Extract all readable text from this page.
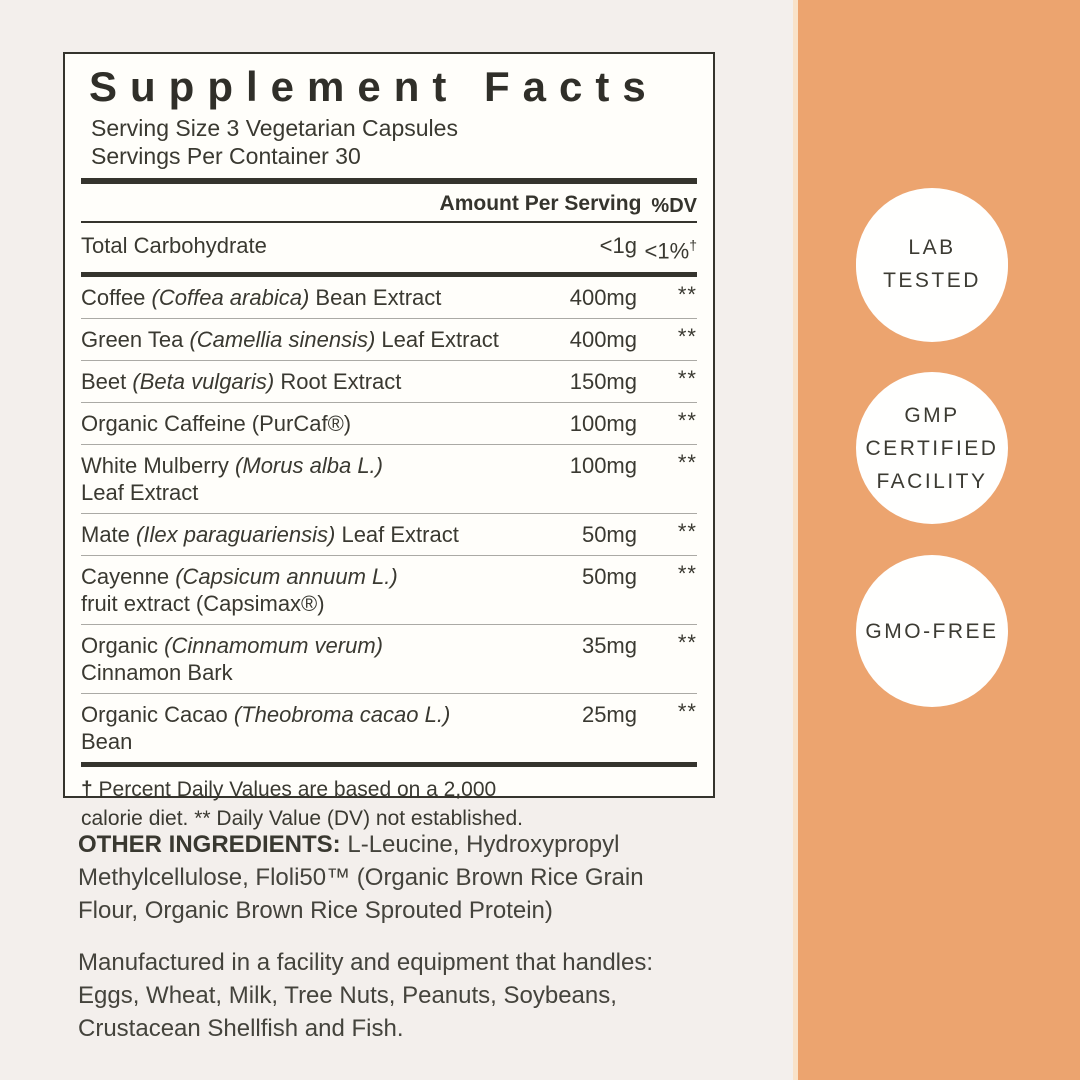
LAB
TESTED
GMP
CERTIFIED
FACILITY
GMO-FREE
Supplement Facts
Serving Size 3 Vegetarian Capsules
Servings Per Container 30
Amount Per Serving %DV
Total Carbohydrate	<1g <1%†
Coffee (Coffea arabica) Bean Extract	400mg	**
Green Tea (Camellia sinensis) Leaf Extract	400mg	**
Beet (Beta vulgaris) Root Extract	150mg	**
Organic Caffeine (PurCaf®)	100mg	**
White Mulberry (Morus alba L.)
Leaf Extract
100mg	**
Mate (Ilex paraguariensis) Leaf Extract	50mg	**
Cayenne (Capsicum annuum L.)
fruit extract (Capsimax®)
50mg	**
Organic (Cinnamomum verum)
Cinnamon Bark
35mg	**
Organic Cacao (Theobroma cacao L.)
Bean
25mg	**
† Percent Daily Values are based on a 2,000
calorie diet. ** Daily Value (DV) not established.
OTHER INGREDIENTS: L-Leucine, Hydroxypropyl
Methylcellulose, Floli50™ (Organic Brown Rice Grain
Flour, Organic Brown Rice Sprouted Protein)
Manufactured in a facility and equipment that handles:
Eggs, Wheat, Milk, Tree Nuts, Peanuts, Soybeans,
Crustacean Shellfish and Fish.
